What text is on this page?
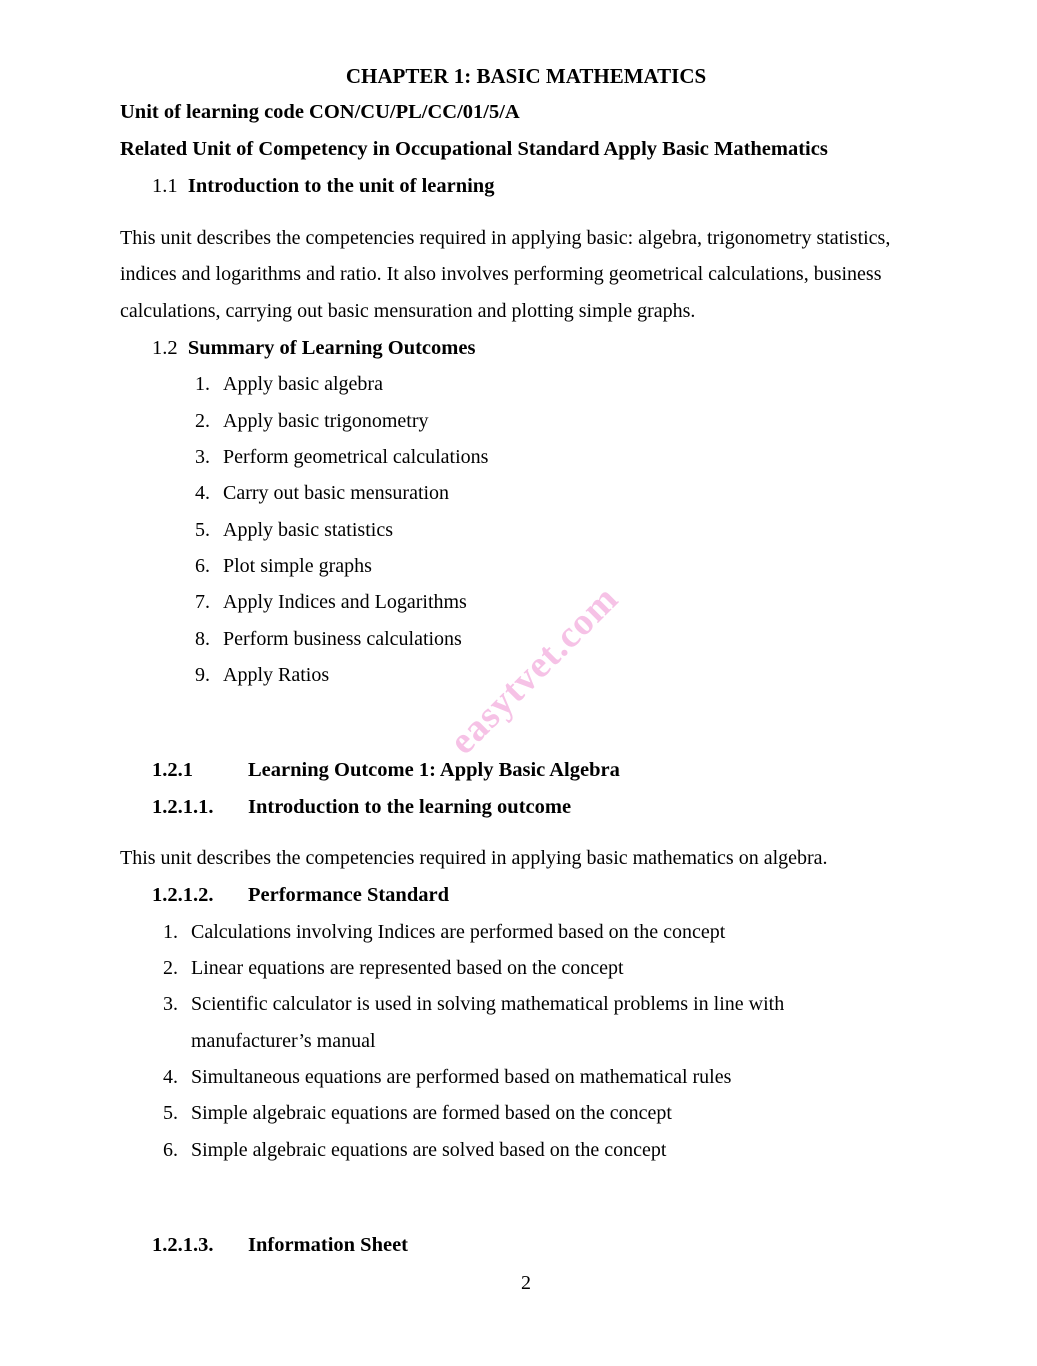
easytvet.com
CHAPTER 1: BASIC MATHEMATICS
Unit of learning code CON/CU/PL/CC/01/5/A
Related Unit of Competency in Occupational Standard Apply Basic Mathematics
1.1 Introduction to the unit of learning

This unit describes the competencies required in applying basic: algebra, trigonometry statistics, indices and logarithms and ratio. It also involves performing geometrical calculations, business calculations, carrying out basic mensuration and plotting simple graphs.

1.2 Summary of Learning Outcomes
1. Apply basic algebra
2. Apply basic trigonometry
3. Perform geometrical calculations
4. Carry out basic mensuration
5. Apply basic statistics
6. Plot simple graphs
7. Apply Indices and Logarithms
8. Perform business calculations
9. Apply Ratios
1.2.1	Learning Outcome 1: Apply Basic Algebra
1.2.1.1.	Introduction to the learning outcome

This unit describes the competencies required in applying basic mathematics on algebra.

1.2.1.2.	Performance Standard
1. Calculations involving Indices are performed based on the concept
2. Linear equations are represented based on the concept
3. Scientific calculator is used in solving mathematical problems in line with manufacturer’s manual
4. Simultaneous equations are performed based on mathematical rules
5. Simple algebraic equations are formed based on the concept
6. Simple algebraic equations are solved based on the concept
1.2.1.3.	Information Sheet
2
